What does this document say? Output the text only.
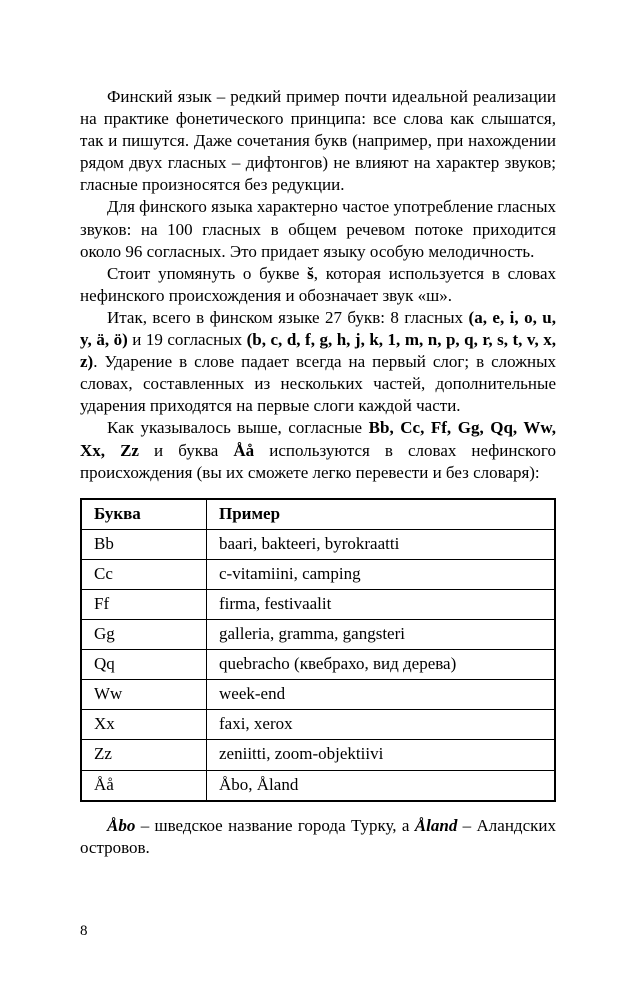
Финский язык – редкий пример почти идеальной реализации на практике фонетического принципа: все слова как слышатся, так и пишутся. Даже сочетания букв (например, при нахождении рядом двух гласных – дифтонгов) не влияют на характер звуков; гласные произносятся без редукции.

Для финского языка характерно частое употребление гласных звуков: на 100 гласных в общем речевом потоке приходится около 96 согласных. Это придает языку особую мелодичность.

Стоит упомянуть о букве š, которая используется в словах нефинского происхождения и обозначает звук «ш».

Итак, всего в финском языке 27 букв: 8 гласных (a, e, i, o, u, y, ä, ö) и 19 согласных (b, c, d, f, g, h, j, k, 1, m, n, p, q, r, s, t, v, x, z). Ударение в слове падает всегда на первый слог; в сложных словах, составленных из нескольких частей, дополнительные ударения приходятся на первые слоги каждой части.

Как указывалось выше, согласные Bb, Cc, Ff, Gg, Qq, Ww, Xx, Zz и буква Åå используются в словах нефинского происхождения (вы их сможете легко перевести и без словаря):

Буква	Пример
Bb	baari, bakteeri, byrokraatti
Cc	c-vitamiini, camping
Ff	firma, festivaalit
Gg	galleria, gramma, gangsteri
Qq	quebracho (квебрахо, вид дерева)
Ww	week-end
Xx	faxi, xerox
Zz	zeniitti, zoom-objektiivi
Åå	Åbo, Åland

Åbo – шведское название города Турку, а Åland – Аландских островов.

8
